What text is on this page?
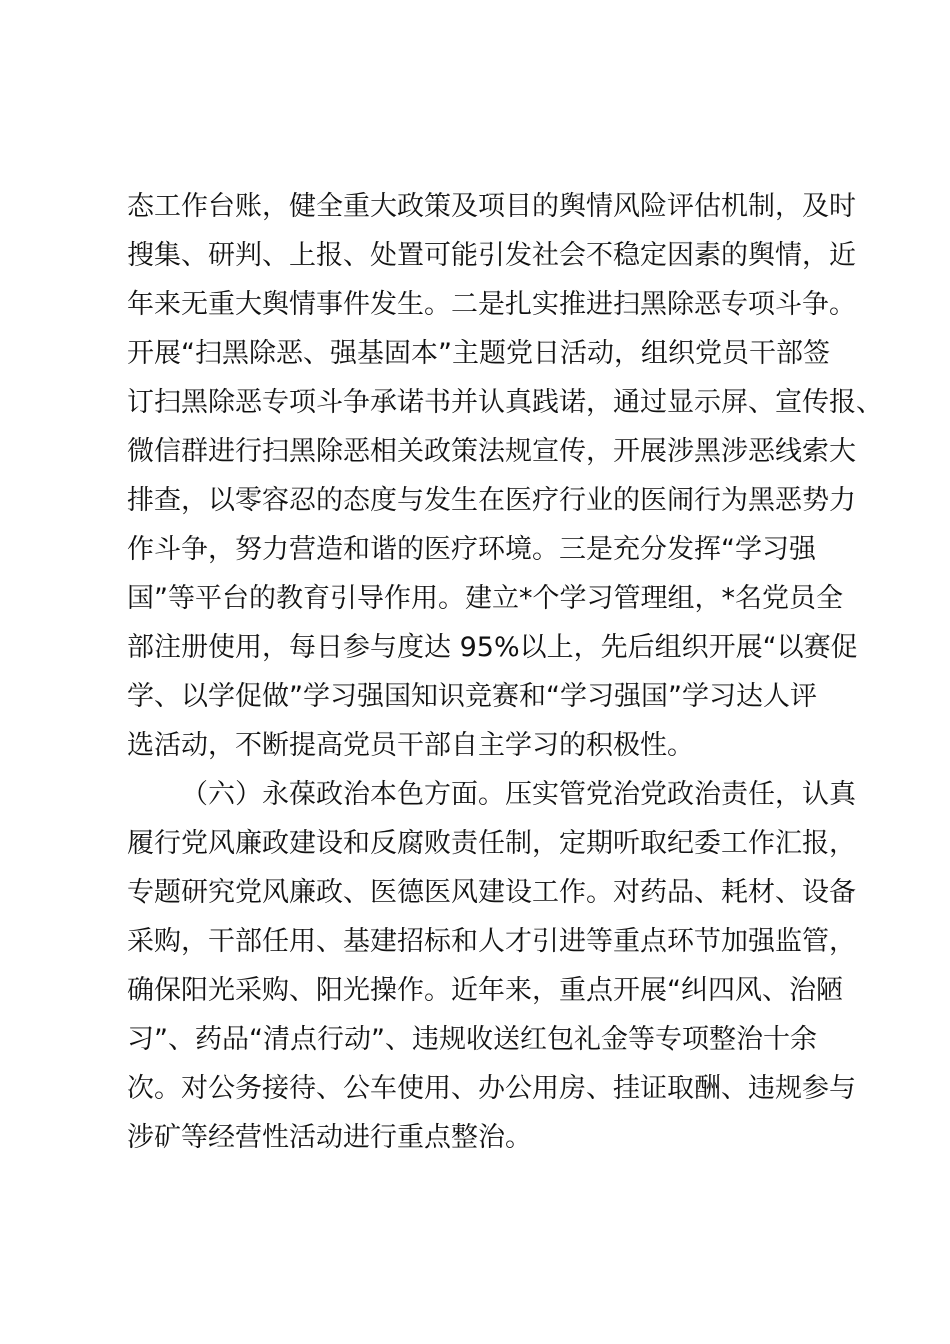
态工作台账，健全重大政策及项目的舆情风险评估机制，及时
搜集、研判、上报、处置可能引发社会不稳定因素的舆情，近
年来无重大舆情事件发生。二是扎实推进扫黑除恶专项斗争。
开展“扫黑除恶、强基固本”主题党日活动，组织党员干部签
订扫黑除恶专项斗争承诺书并认真践诺，通过显示屏、宣传报、
微信群进行扫黑除恶相关政策法规宣传，开展涉黑涉恶线索大
排查，以零容忍的态度与发生在医疗行业的医闹行为黑恶势力
作斗争，努力营造和谐的医疗环境。三是充分发挥“学习强
国”等平台的教育引导作用。建立*个学习管理组，*名党员全
部注册使用，每日参与度达 95%以上，先后组织开展“以赛促
学、以学促做”学习强国知识竞赛和“学习强国”学习达人评
选活动，不断提高党员干部自主学习的积极性。
（六）永葆政治本色方面。压实管党治党政治责任，认真
履行党风廉政建设和反腐败责任制，定期听取纪委工作汇报，
专题研究党风廉政、医德医风建设工作。对药品、耗材、设备
采购，干部任用、基建招标和人才引进等重点环节加强监管，
确保阳光采购、阳光操作。近年来，重点开展“纠四风、治陋
习”、药品“清点行动”、违规收送红包礼金等专项整治十余
次。对公务接待、公车使用、办公用房、挂证取酬、违规参与
涉矿等经营性活动进行重点整治。
